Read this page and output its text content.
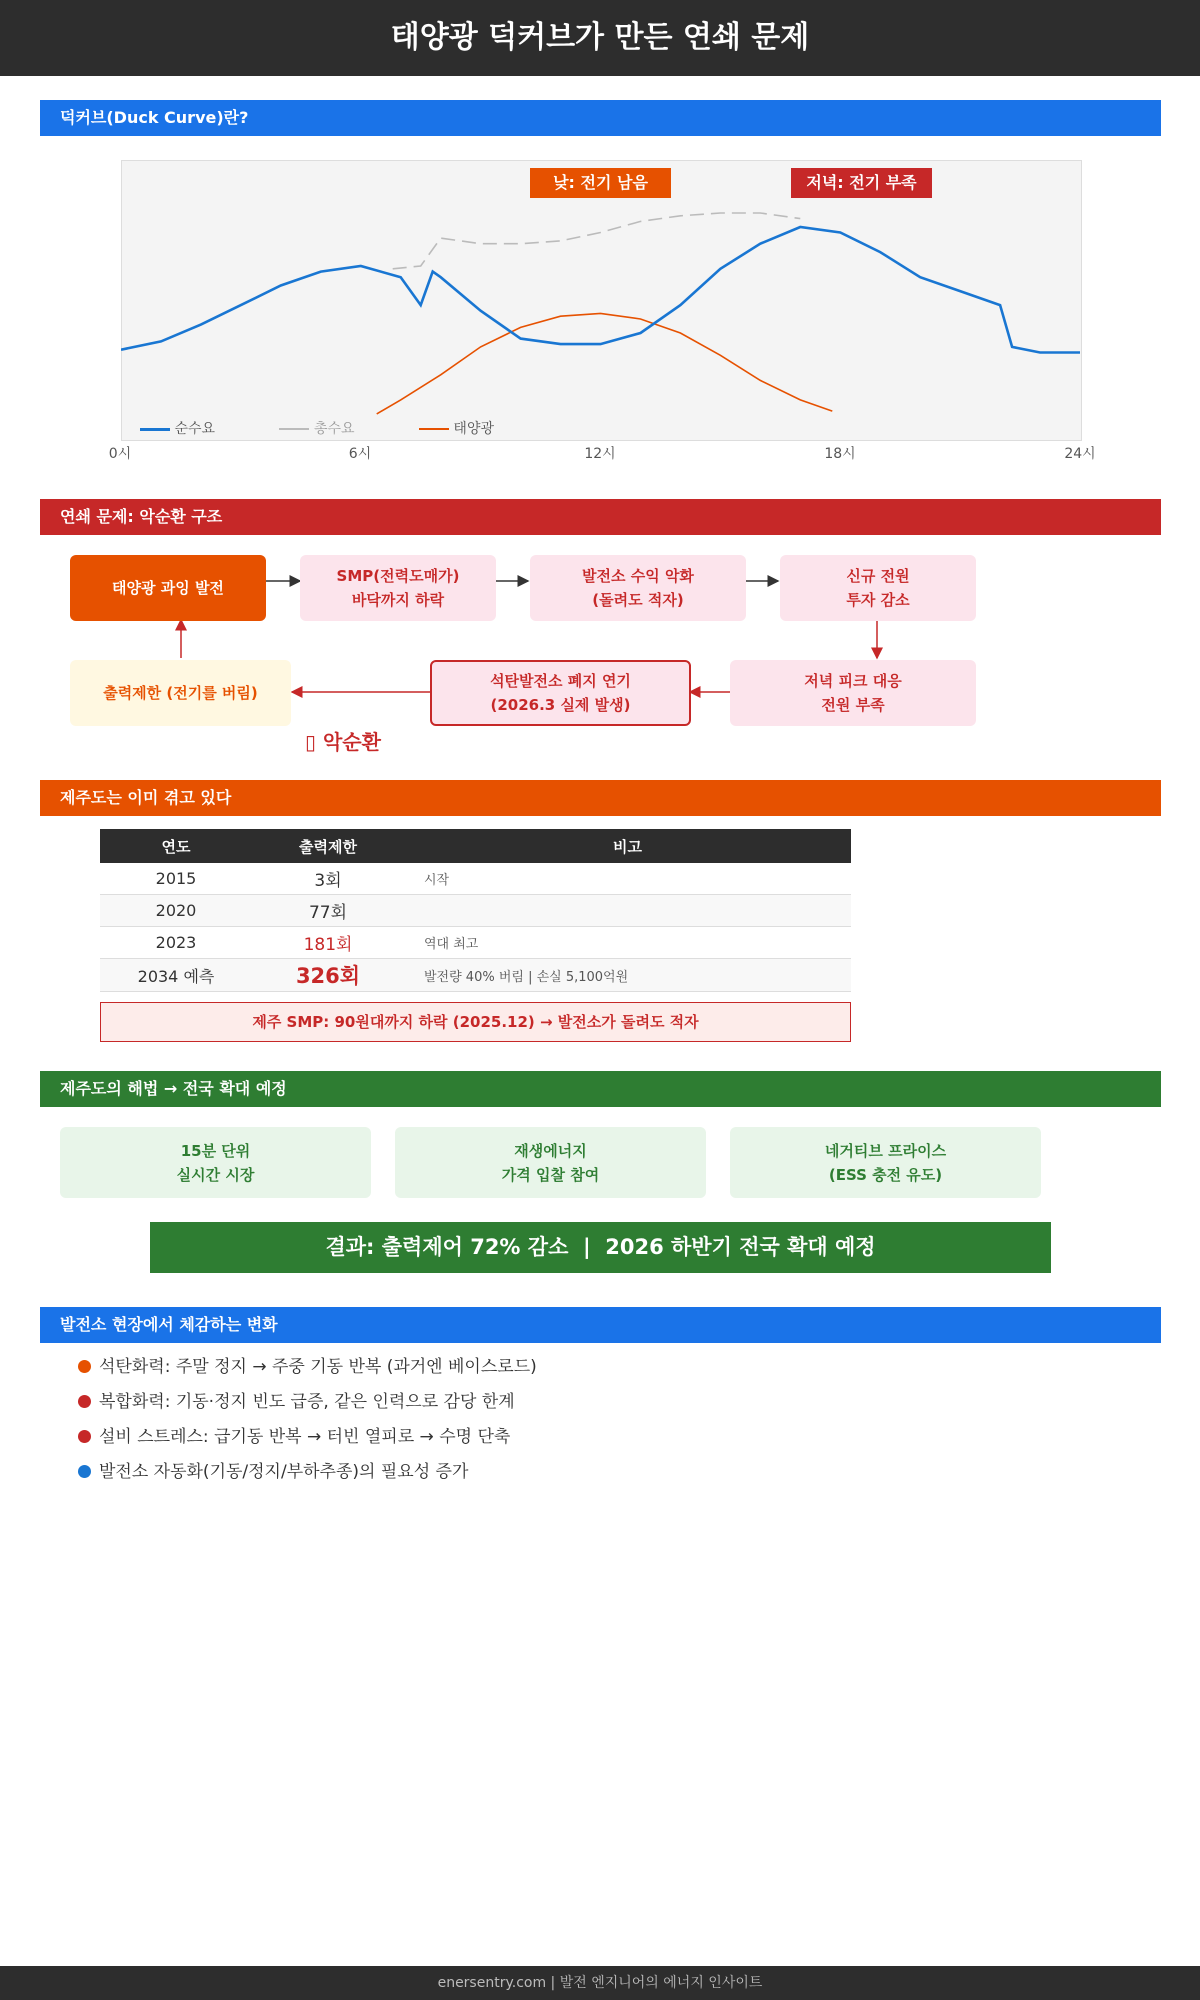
태양광 덕커브가 만든 연쇄 문제
덕커브(Duck Curve)란?
낮: 전기 남음	저녁: 전기 부족
순수요	총수요	태양광
0시	6시	12시	18시	24시
연쇄 문제: 악순환 구조
태양광 과잉 발전
SMP(전력도매가)
바닥까지 하락
발전소 수익 악화
(돌려도 적자)
신규 전원
투자 감소
저녁 피크 대응
전원 부족
석탄발전소 폐지 연기
(2026.3 실제 발생)
출력제한 (전기를 버림)
▯ 악순환
제주도는 이미 겪고 있다
연도	출력제한	비고
2015	3회	시작
2020	77회	
2023	181회	역대 최고
2034 예측	326회	발전량 40% 버림 | 손실 5,100억원
제주 SMP: 90원대까지 하락 (2025.12) → 발전소가 돌려도 적자
제주도의 해법 → 전국 확대 예정
15분 단위
실시간 시장
재생에너지
가격 입찰 참여
네거티브 프라이스
(ESS 충전 유도)
결과: 출력제어 72% 감소  |  2026 하반기 전국 확대 예정
발전소 현장에서 체감하는 변화
석탄화력: 주말 정지 → 주중 기동 반복 (과거엔 베이스로드)
복합화력: 기동·정지 빈도 급증, 같은 인력으로 감당 한계
설비 스트레스: 급기동 반복 → 터빈 열피로 → 수명 단축
발전소 자동화(기동/정지/부하추종)의 필요성 증가
enersentry.com | 발전 엔지니어의 에너지 인사이트
